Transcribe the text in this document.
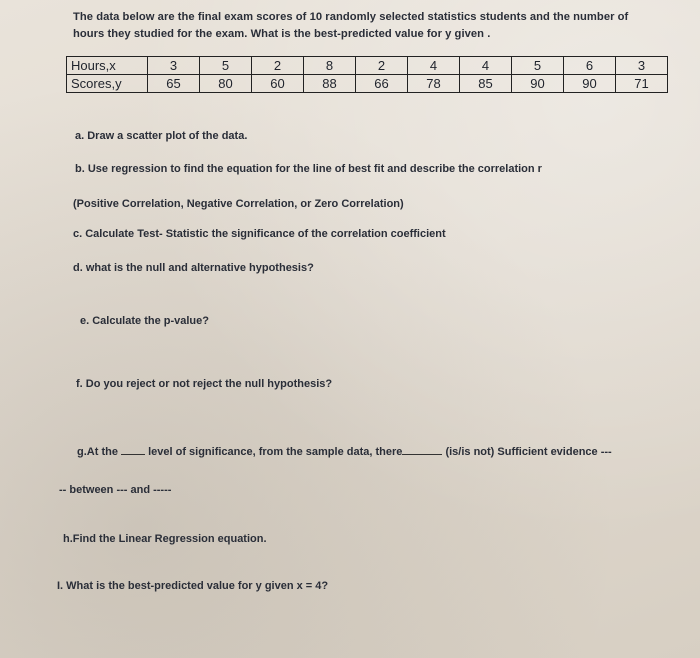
The data below are the final exam scores of 10 randomly selected statistics students and the number of
hours they studied for the exam. What is the best-predicted value for y given .
Hours,x	3	5	2	8	2	4	4	5	6	3
Scores,y	65	80	60	88	66	78	85	90	90	71
a. Draw a scatter plot of the data.
b. Use regression to find the equation for the line of best fit and describe the correlation r
(Positive Correlation, Negative Correlation, or Zero Correlation)
c. Calculate Test- Statistic the significance of the correlation coefficient
d. what is the null and alternative hypothesis?
e. Calculate the p-value?
f. Do you reject or not reject the null hypothesis?
g.At the	level of significance, from the sample data, there	(is/is not) Sufficient evidence ---
-- between --- and -----
h.Find the Linear Regression equation.
I. What is the best-predicted value for y given x = 4?
